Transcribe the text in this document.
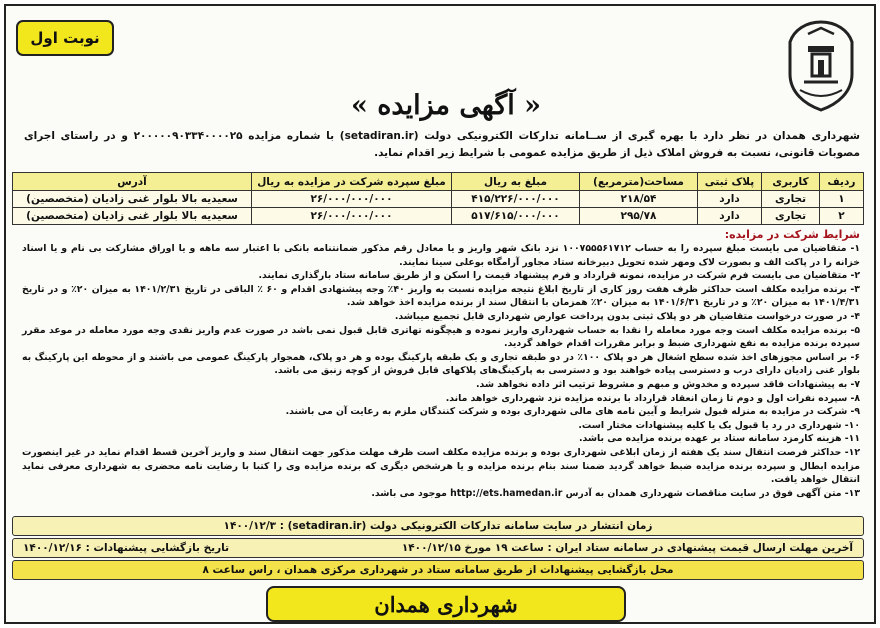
نوبت اول
« آگهی مزایده »
شهرداری همدان در نظر دارد با بهره گیری از ســامانه تدارکات الکترونیکی دولت (setadiran.ir) با شماره مزایده ۲۰۰۰۰۰۹۰۳۳۴۰۰۰۰۲۵ و در راستای اجرای مصوبات قانونی، نسبت به فروش املاک ذیل از طریق مزایده عمومی با شرایط زیر اقدام نماید.
ردیف	کاربری	پلاک ثبتی	مساحت(مترمربع)	مبلغ به ریال	مبلغ سپرده شرکت در مزایده به ریال	آدرس
۱	تجاری	دارد	۲۱۸/۵۴	۴۱۵/۲۲۶/۰۰۰/۰۰۰	۲۶/۰۰۰/۰۰۰/۰۰۰	سعیدیه بالا بلوار غنی زادیان (متخصصین)
۲	تجاری	دارد	۲۹۵/۷۸	۵۱۷/۶۱۵/۰۰۰/۰۰۰	۲۶/۰۰۰/۰۰۰/۰۰۰	سعیدیه بالا بلوار غنی زادیان (متخصصین)
شرایط شرکت در مزایده:
۱- متقاضیان می بایست مبلغ سپرده را به حساب ۱۰۰۷۵۵۵۶۱۷۱۲ نزد بانک شهر واریز و یا معادل رقم مذکور ضمانتنامه بانکی با اعتبار سه ماهه و یا اوراق مشارکت بی نام و یا اسناد خزانه را در پاکت الف و بصورت لاک ومهر شده تحویل دبیرخانه ستاد مجاور آرامگاه بوعلی سینا نمایند.
۲- متقاضیان می بایست فرم شرکت در مزایده، نمونه قرارداد و فرم پیشنهاد قیمت را اسکن و از طریق سامانه ستاد بارگذاری نمایند.
۳- برنده مزایده مکلف است حداکثر ظرف هفت روز کاری از تاریخ ابلاغ نتیجه مزایده نسبت به واریز ۴۰٪ وجه پیشنهادی اقدام و ۶۰ ٪ الباقی در تاریخ ۱۴۰۱/۲/۳۱ به میزان ۲۰٪ و در تاریخ ۱۴۰۱/۴/۳۱ به میزان ۲۰٪ و در تاریخ ۱۴۰۱/۶/۳۱ به میزان ۲۰٪ همزمان با انتقال سند از برنده مزایده اخذ خواهد شد.
۴- در صورت درخواست متقاضیان هر دو پلاک ثبتی بدون پرداخت عوارض شهرداری قابل تجمیع میباشد.
۵- برنده مزایده مکلف است وجه مورد معامله را نقدا به حساب شهرداری واریز نموده و هیچگونه تهاتری قابل قبول نمی باشد در صورت عدم واریز نقدی وجه مورد معامله در موعد مقرر سپرده برنده مزایده به نفع شهرداری ضبط و برابر مقررات اقدام خواهد گردید.
۶- بر اساس مجوزهای اخذ شده سطح اشغال هر دو پلاک ۱۰۰٪ در دو طبقه تجاری و یک طبقه پارکینگ بوده و هر دو پلاک، همجوار پارکینگ عمومی می باشند و از محوطه این پارکینگ به بلوار غنی زادیان دارای درب و دسترسی پیاده خواهند بود و دسترسی به پارکینگ‌های پلاکهای قابل فروش از کوچه زنبق می باشد.
۷- به پیشنهادات فاقد سپرده و مخدوش و مبهم و مشروط ترتیب اثر داده نخواهد شد.
۸- سپرده نفرات اول و دوم تا زمان انعقاد قرارداد با برنده مزایده نزد شهرداری خواهد ماند.
۹- شرکت در مزایده به منزله قبول شرایط و آیین نامه های مالی شهرداری بوده و شرکت کنندگان ملزم به رعایت آن می باشند.
۱۰- شهرداری در رد یا قبول یک یا کلیه پیشنهادات مختار است.
۱۱- هزینه کارمزد سامانه ستاد بر عهده برنده مزایده می باشد.
۱۲- حداکثر فرصت انتقال سند یک هفته از زمان ابلاغی شهرداری بوده و برنده مزایده مکلف است ظرف مهلت مذکور جهت انتقال سند و واریز آخرین قسط اقدام نماید در غیر اینصورت مزایده ابطال و سپرده برنده مزایده ضبط خواهد گردید ضمنا سند بنام برنده مزایده و یا هرشخص دیگری که برنده مزایده وی را کتبا با رضایت نامه محضری به شهرداری معرفی نماید انتقال خواهد یافت.
۱۳- متن آگهی فوق در سایت مناقصات شهرداری همدان به آدرس http://ets.hamedan.ir موجود می باشد.
زمان انتشار در سایت سامانه تدارکات الکترونیکی دولت (setadiran.ir) : ۱۴۰۰/۱۲/۳
آخرین مهلت ارسال قیمت پیشنهادی در سامانه ستاد ایران : ساعت ۱۹ مورخ ۱۴۰۰/۱۲/۱۵
تاریخ بازگشایی پیشنهادات : ۱۴۰۰/۱۲/۱۶
محل بازگشایی پیشنهادات از طریق سامانه ستاد در شهرداری مرکزی همدان ، راس ساعت ۸
شهرداری همدان
